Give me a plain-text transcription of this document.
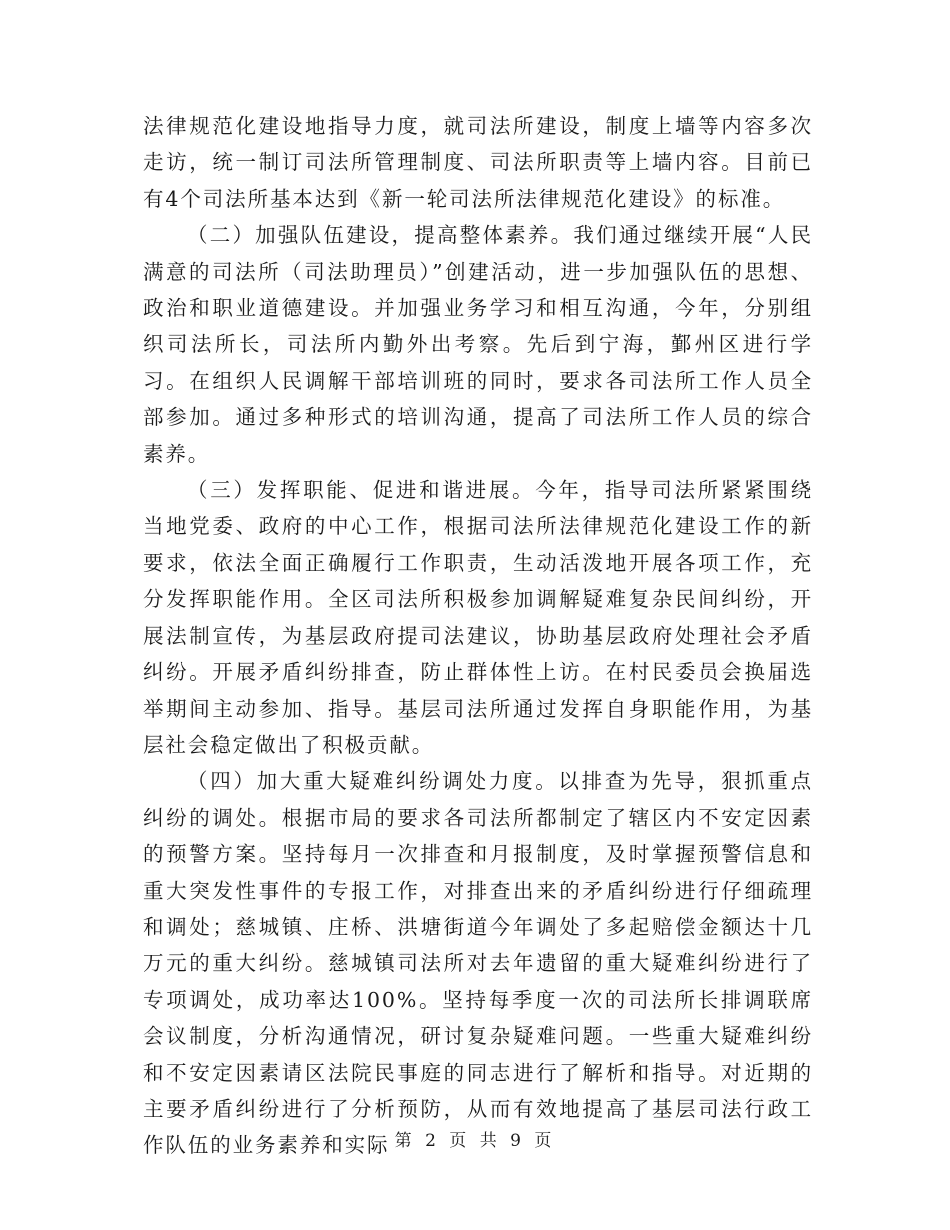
法律规范化建设地指导力度，就司法所建设，制度上墙等内容多次走访，统一制订司法所管理制度、司法所职责等上墙内容。目前已有4个司法所基本达到《新一轮司法所法律规范化建设》的标准。

（二）加强队伍建设，提高整体素养。我们通过继续开展“人民满意的司法所（司法助理员）”创建活动，进一步加强队伍的思想、政治和职业道德建设。并加强业务学习和相互沟通，今年，分别组织司法所长，司法所内勤外出考察。先后到宁海，鄞州区进行学习。在组织人民调解干部培训班的同时，要求各司法所工作人员全部参加。通过多种形式的培训沟通，提高了司法所工作人员的综合素养。

（三）发挥职能、促进和谐进展。今年，指导司法所紧紧围绕当地党委、政府的中心工作，根据司法所法律规范化建设工作的新要求，依法全面正确履行工作职责，生动活泼地开展各项工作，充分发挥职能作用。全区司法所积极参加调解疑难复杂民间纠纷，开展法制宣传，为基层政府提司法建议，协助基层政府处理社会矛盾纠纷。开展矛盾纠纷排查，防止群体性上访。在村民委员会换届选举期间主动参加、指导。基层司法所通过发挥自身职能作用，为基层社会稳定做出了积极贡献。

（四）加大重大疑难纠纷调处力度。以排查为先导，狠抓重点纠纷的调处。根据市局的要求各司法所都制定了辖区内不安定因素的预警方案。坚持每月一次排查和月报制度，及时掌握预警信息和重大突发性事件的专报工作，对排查出来的矛盾纠纷进行仔细疏理和调处；慈城镇、庄桥、洪塘街道今年调处了多起赔偿金额达十几万元的重大纠纷。慈城镇司法所对去年遗留的重大疑难纠纷进行了专项调处，成功率达100%。坚持每季度一次的司法所长排调联席会议制度，分析沟通情况，研讨复杂疑难问题。一些重大疑难纠纷和不安定因素请区法院民事庭的同志进行了解析和指导。对近期的主要矛盾纠纷进行了分析预防，从而有效地提高了基层司法行政工作队伍的业务素养和实际 第 2 页 共 9 页
